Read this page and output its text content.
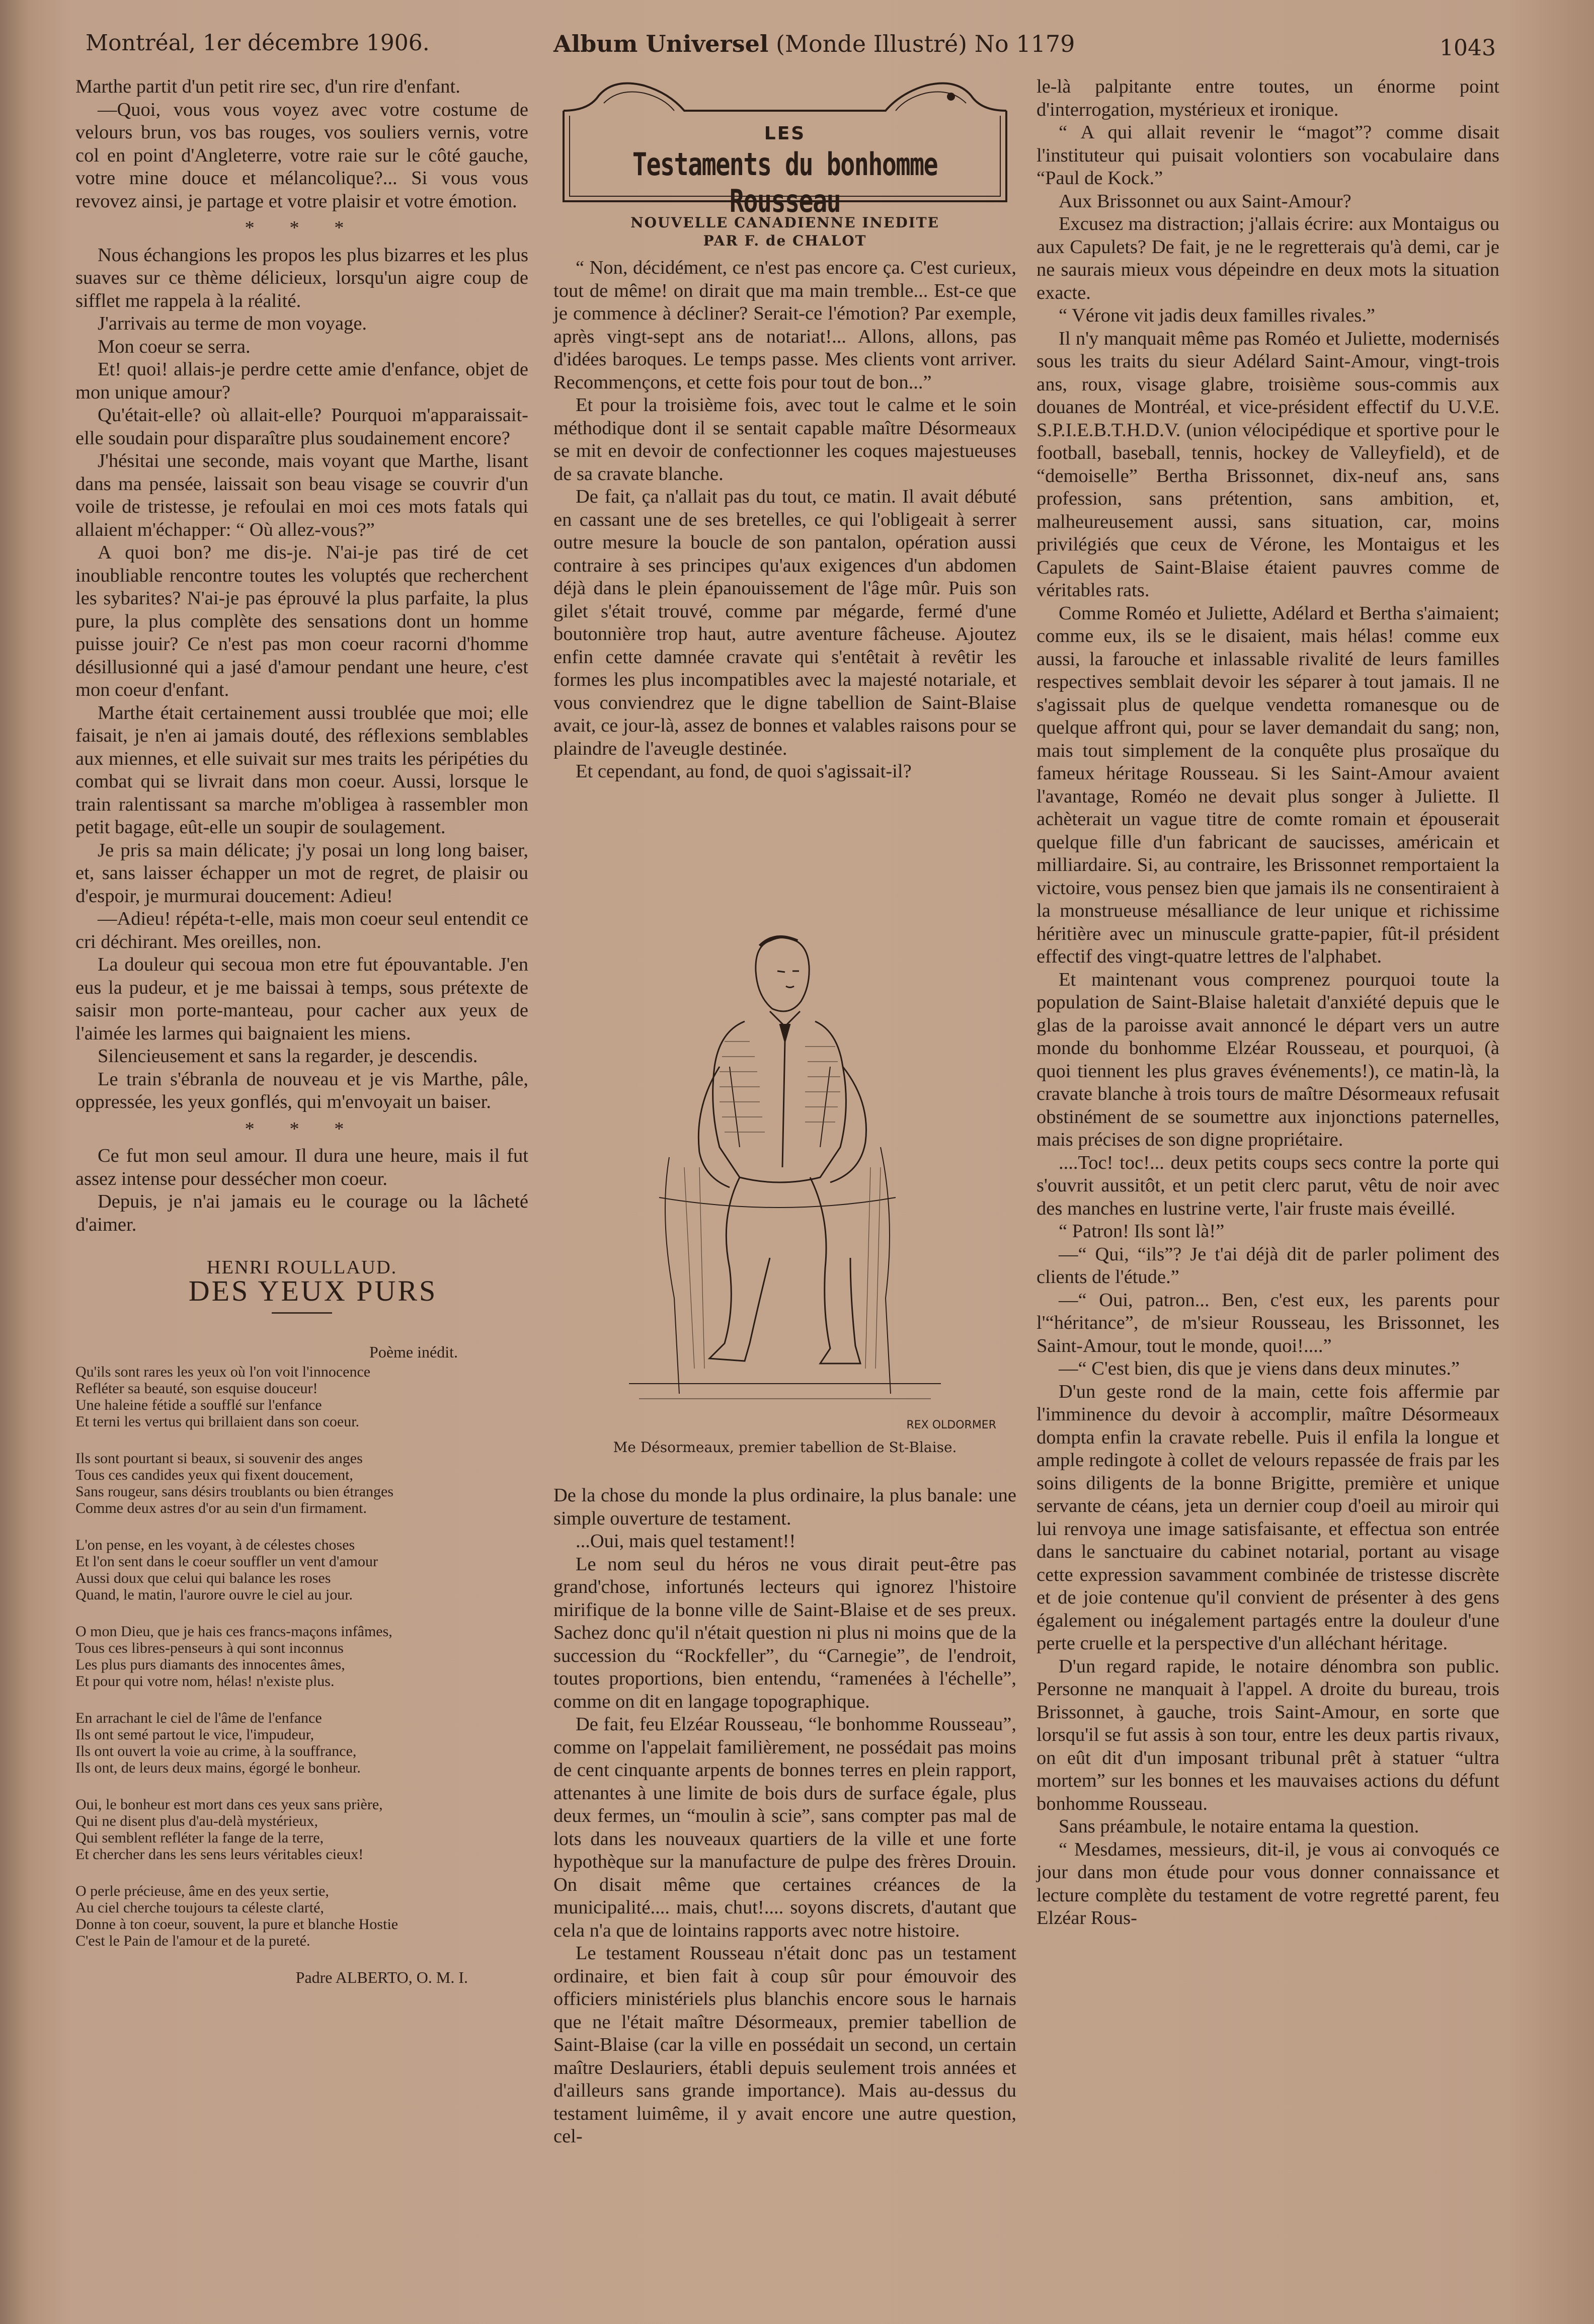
Montréal, 1er décembre 1906.	Album Universel (Monde Illustré) No 1179	1043

Marthe partit d'un petit rire sec, d'un rire d'enfant.

—Quoi, vous vous voyez avec votre costume de velours brun, vos bas rouges, vos souliers vernis, votre col en point d'Angleterre, votre raie sur le côté gauche, votre mine douce et mélancolique?... Si vous vous revovez ainsi, je partage et votre plaisir et votre émotion.

* * *

Nous échangions les propos les plus bizarres et les plus suaves sur ce thème délicieux, lorsqu'un aigre coup de sifflet me rappela à la réalité.

J'arrivais au terme de mon voyage.

Mon coeur se serra.

Et! quoi! allais-je perdre cette amie d'enfance, objet de mon unique amour?

Qu'était-elle? où allait-elle? Pourquoi m'apparaissait-elle soudain pour disparaître plus soudainement encore?

J'hésitai une seconde, mais voyant que Marthe, lisant dans ma pensée, laissait son beau visage se couvrir d'un voile de tristesse, je refoulai en moi ces mots fatals qui allaient m'échapper: “ Où allez-vous?”

A quoi bon? me dis-je. N'ai-je pas tiré de cet inoubliable rencontre toutes les voluptés que recherchent les sybarites? N'ai-je pas éprouvé la plus parfaite, la plus pure, la plus complète des sensations dont un homme puisse jouir? Ce n'est pas mon coeur racorni d'homme désillusionné qui a jasé d'amour pendant une heure, c'est mon coeur d'enfant.

Marthe était certainement aussi troublée que moi; elle faisait, je n'en ai jamais douté, des réflexions semblables aux miennes, et elle suivait sur mes traits les péripéties du combat qui se livrait dans mon coeur. Aussi, lorsque le train ralentissant sa marche m'obligea à rassembler mon petit bagage, eût-elle un soupir de soulagement.

Je pris sa main délicate; j'y posai un long long baiser, et, sans laisser échapper un mot de regret, de plaisir ou d'espoir, je murmurai doucement: Adieu!

—Adieu! répéta-t-elle, mais mon coeur seul entendit ce cri déchirant. Mes oreilles, non.

La douleur qui secoua mon etre fut épouvantable. J'en eus la pudeur, et je me baissai à temps, sous prétexte de saisir mon porte-manteau, pour cacher aux yeux de l'aimée les larmes qui baignaient les miens.

Silencieusement et sans la regarder, je descendis.

Le train s'ébranla de nouveau et je vis Marthe, pâle, oppressée, les yeux gonflés, qui m'envoyait un baiser.

* * *

Ce fut mon seul amour. Il dura une heure, mais il fut assez intense pour dessécher mon coeur.

Depuis, je n'ai jamais eu le courage ou la lâcheté d'aimer.

HENRI ROULLAUD.

DES YEUX PURS

Poème inédit.
Qu'ils sont rares les yeux où l'on voit l'innocence
Refléter sa beauté, son esquise douceur!
Une haleine fétide a soufflé sur l'enfance
Et terni les vertus qui brillaient dans son coeur.
Ils sont pourtant si beaux, si souvenir des anges
Tous ces candides yeux qui fixent doucement,
Sans rougeur, sans désirs troublants ou bien étranges
Comme deux astres d'or au sein d'un firmament.
L'on pense, en les voyant, à de célestes choses
Et l'on sent dans le coeur souffler un vent d'amour
Aussi doux que celui qui balance les roses
Quand, le matin, l'aurore ouvre le ciel au jour.
O mon Dieu, que je hais ces francs-maçons infâmes,
Tous ces libres-penseurs à qui sont inconnus
Les plus purs diamants des innocentes âmes,
Et pour qui votre nom, hélas! n'existe plus.
En arrachant le ciel de l'âme de l'enfance
Ils ont semé partout le vice, l'impudeur,
Ils ont ouvert la voie au crime, à la souffrance,
Ils ont, de leurs deux mains, égorgé le bonheur.
Oui, le bonheur est mort dans ces yeux sans prière,
Qui ne disent plus d'au-delà mystérieux,
Qui semblent refléter la fange de la terre,
Et chercher dans les sens leurs véritables cieux!
O perle précieuse, âme en des yeux sertie,
Au ciel cherche toujours ta céleste clarté,
Donne à ton coeur, souvent, la pure et blanche Hostie
C'est le Pain de l'amour et de la pureté.
Padre ALBERTO, O. M. I.
LES
Testaments du bonhomme Rousseau
NOUVELLE CANADIENNE INEDITE
PAR F. de CHALOT

“ Non, décidément, ce n'est pas encore ça. C'est curieux, tout de même! on dirait que ma main tremble... Est-ce que je commence à décliner? Serait-ce l'émotion? Par exemple, après vingt-sept ans de notariat!... Allons, allons, pas d'idées baroques. Le temps passe. Mes clients vont arriver. Recommençons, et cette fois pour tout de bon...”

Et pour la troisième fois, avec tout le calme et le soin méthodique dont il se sentait capable maître Désormeaux se mit en devoir de confectionner les coques majestueuses de sa cravate blanche.

De fait, ça n'allait pas du tout, ce matin. Il avait débuté en cassant une de ses bretelles, ce qui l'obligeait à serrer outre mesure la boucle de son pantalon, opération aussi contraire à ses principes qu'aux exigences d'un abdomen déjà dans le plein épanouissement de l'âge mûr. Puis son gilet s'était trouvé, comme par mégarde, fermé d'une boutonnière trop haut, autre aventure fâcheuse. Ajoutez enfin cette damnée cravate qui s'entêtait à revêtir les formes les plus incompatibles avec la majesté notariale, et vous conviendrez que le digne tabellion de Saint-Blaise avait, ce jour-là, assez de bonnes et valables raisons pour se plaindre de l'aveugle destinée.

Et cependant, au fond, de quoi s'agissait-il?

REX OLDORMER
Me Désormeaux, premier tabellion de St-Blaise.

De la chose du monde la plus ordinaire, la plus banale: une simple ouverture de testament.

...Oui, mais quel testament!!

Le nom seul du héros ne vous dirait peut-être pas grand'chose, infortunés lecteurs qui ignorez l'histoire mirifique de la bonne ville de Saint-Blaise et de ses preux. Sachez donc qu'il n'était question ni plus ni moins que de la succession du “Rockfeller”, du “Carnegie”, de l'endroit, toutes proportions, bien entendu, “ramenées à l'échelle”, comme on dit en langage topographique.

De fait, feu Elzéar Rousseau, “le bonhomme Rousseau”, comme on l'appelait familièrement, ne possédait pas moins de cent cinquante arpents de bonnes terres en plein rapport, attenantes à une limite de bois durs de surface égale, plus deux fermes, un “moulin à scie”, sans compter pas mal de lots dans les nouveaux quartiers de la ville et une forte hypothèque sur la manufacture de pulpe des frères Drouin. On disait même que certaines créances de la municipalité.... mais, chut!.... soyons discrets, d'autant que cela n'a que de lointains rapports avec notre histoire.

Le testament Rousseau n'était donc pas un testament ordinaire, et bien fait à coup sûr pour émouvoir des officiers ministériels plus blanchis encore sous le harnais que ne l'était maître Désormeaux, premier tabellion de Saint-Blaise (car la ville en possédait un second, un certain maître Deslauriers, établi depuis seulement trois années et d'ailleurs sans grande importance). Mais au-dessus du testament luimême, il y avait encore une autre question, cel-

le-là palpitante entre toutes, un énorme point d'interrogation, mystérieux et ironique.

“ A qui allait revenir le “magot”? comme disait l'instituteur qui puisait volontiers son vocabulaire dans “Paul de Kock.”

Aux Brissonnet ou aux Saint-Amour?

Excusez ma distraction; j'allais écrire: aux Montaigus ou aux Capulets? De fait, je ne le regretterais qu'à demi, car je ne saurais mieux vous dépeindre en deux mots la situation exacte.

“ Vérone vit jadis deux familles rivales.”

Il n'y manquait même pas Roméo et Juliette, modernisés sous les traits du sieur Adélard Saint-Amour, vingt-trois ans, roux, visage glabre, troisième sous-commis aux douanes de Montréal, et vice-président effectif du U.V.E. S.P.I.E.B.T.H.D.V. (union vélocipédique et sportive pour le football, baseball, tennis, hockey de Valleyfield), et de “demoiselle” Bertha Brissonnet, dix-neuf ans, sans profession, sans prétention, sans ambition, et, malheureusement aussi, sans situation, car, moins privilégiés que ceux de Vérone, les Montaigus et les Capulets de Saint-Blaise étaient pauvres comme de véritables rats.

Comme Roméo et Juliette, Adélard et Bertha s'aimaient; comme eux, ils se le disaient, mais hélas! comme eux aussi, la farouche et inlassable rivalité de leurs familles respectives semblait devoir les séparer à tout jamais. Il ne s'agissait plus de quelque vendetta romanesque ou de quelque affront qui, pour se laver demandait du sang; non, mais tout simplement de la conquête plus prosaïque du fameux héritage Rousseau. Si les Saint-Amour avaient l'avantage, Roméo ne devait plus songer à Juliette. Il achèterait un vague titre de comte romain et épouserait quelque fille d'un fabricant de saucisses, américain et milliardaire. Si, au contraire, les Brissonnet remportaient la victoire, vous pensez bien que jamais ils ne consentiraient à la monstrueuse mésalliance de leur unique et richissime héritière avec un minuscule gratte-papier, fût-il président effectif des vingt-quatre lettres de l'alphabet.

Et maintenant vous comprenez pourquoi toute la population de Saint-Blaise haletait d'anxiété depuis que le glas de la paroisse avait annoncé le départ vers un autre monde du bonhomme Elzéar Rousseau, et pourquoi, (à quoi tiennent les plus graves événements!), ce matin-là, la cravate blanche à trois tours de maître Désormeaux refusait obstinément de se soumettre aux injonctions paternelles, mais précises de son digne propriétaire.

....Toc! toc!... deux petits coups secs contre la porte qui s'ouvrit aussitôt, et un petit clerc parut, vêtu de noir avec des manches en lustrine verte, l'air fruste mais éveillé.

“ Patron! Ils sont là!”

—“ Qui, “ils”? Je t'ai déjà dit de parler poliment des clients de l'étude.”

—“ Oui, patron... Ben, c'est eux, les parents pour l'“héritance”, de m'sieur Rousseau, les Brissonnet, les Saint-Amour, tout le monde, quoi!....”

—“ C'est bien, dis que je viens dans deux minutes.”

D'un geste rond de la main, cette fois affermie par l'imminence du devoir à accomplir, maître Désormeaux dompta enfin la cravate rebelle. Puis il enfila la longue et ample redingote à collet de velours repassée de frais par les soins diligents de la bonne Brigitte, première et unique servante de céans, jeta un dernier coup d'oeil au miroir qui lui renvoya une image satisfaisante, et effectua son entrée dans le sanctuaire du cabinet notarial, portant au visage cette expression savamment combinée de tristesse discrète et de joie contenue qu'il convient de présenter à des gens également ou inégalement partagés entre la douleur d'une perte cruelle et la perspective d'un alléchant héritage.

D'un regard rapide, le notaire dénombra son public. Personne ne manquait à l'appel. A droite du bureau, trois Brissonnet, à gauche, trois Saint-Amour, en sorte que lorsqu'il se fut assis à son tour, entre les deux partis rivaux, on eût dit d'un imposant tribunal prêt à statuer “ultra mortem” sur les bonnes et les mauvaises actions du défunt bonhomme Rousseau.

Sans préambule, le notaire entama la question.

“ Mesdames, messieurs, dit-il, je vous ai convoqués ce jour dans mon étude pour vous donner connaissance et lecture complète du testament de votre regretté parent, feu Elzéar Rous-
